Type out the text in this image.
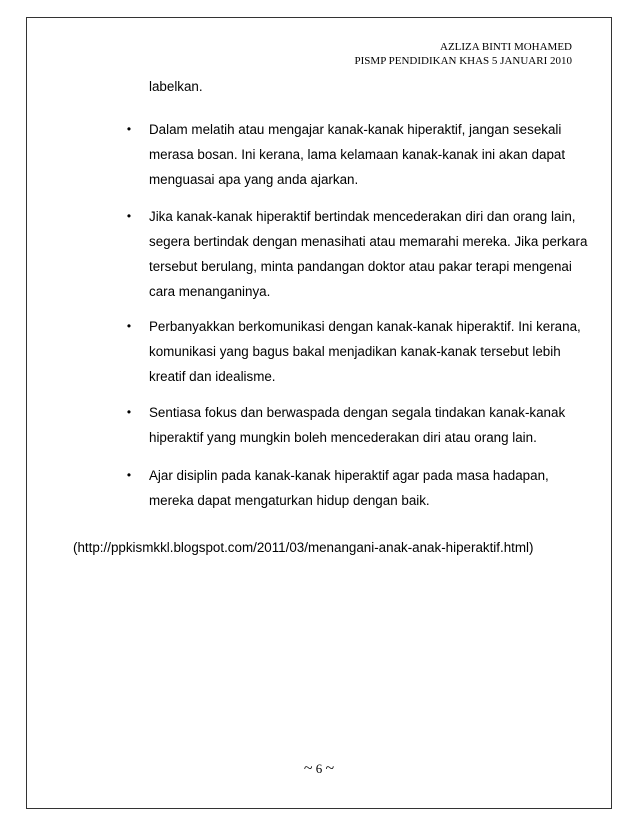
AZLIZA BINTI MOHAMED
PISMP PENDIDIKAN KHAS 5 JANUARI 2010
labelkan.
• Dalam melatih atau mengajar kanak-kanak hiperaktif, jangan sesekali
merasa bosan. Ini kerana, lama kelamaan kanak-kanak ini akan dapat
menguasai apa yang anda ajarkan.
• Jika kanak-kanak hiperaktif bertindak mencederakan diri dan orang lain,
segera bertindak dengan menasihati atau memarahi mereka. Jika perkara
tersebut berulang, minta pandangan doktor atau pakar terapi mengenai
cara menanganinya.
• Perbanyakkan berkomunikasi dengan kanak-kanak hiperaktif. Ini kerana,
komunikasi yang bagus bakal menjadikan kanak-kanak tersebut lebih
kreatif dan idealisme.
• Sentiasa fokus dan berwaspada dengan segala tindakan kanak-kanak
hiperaktif yang mungkin boleh mencederakan diri atau orang lain.
• Ajar disiplin pada kanak-kanak hiperaktif agar pada masa hadapan,
mereka dapat mengaturkan hidup dengan baik.
(http://ppkismkkl.blogspot.com/2011/03/menangani-anak-anak-hiperaktif.html)
~ 6 ~
